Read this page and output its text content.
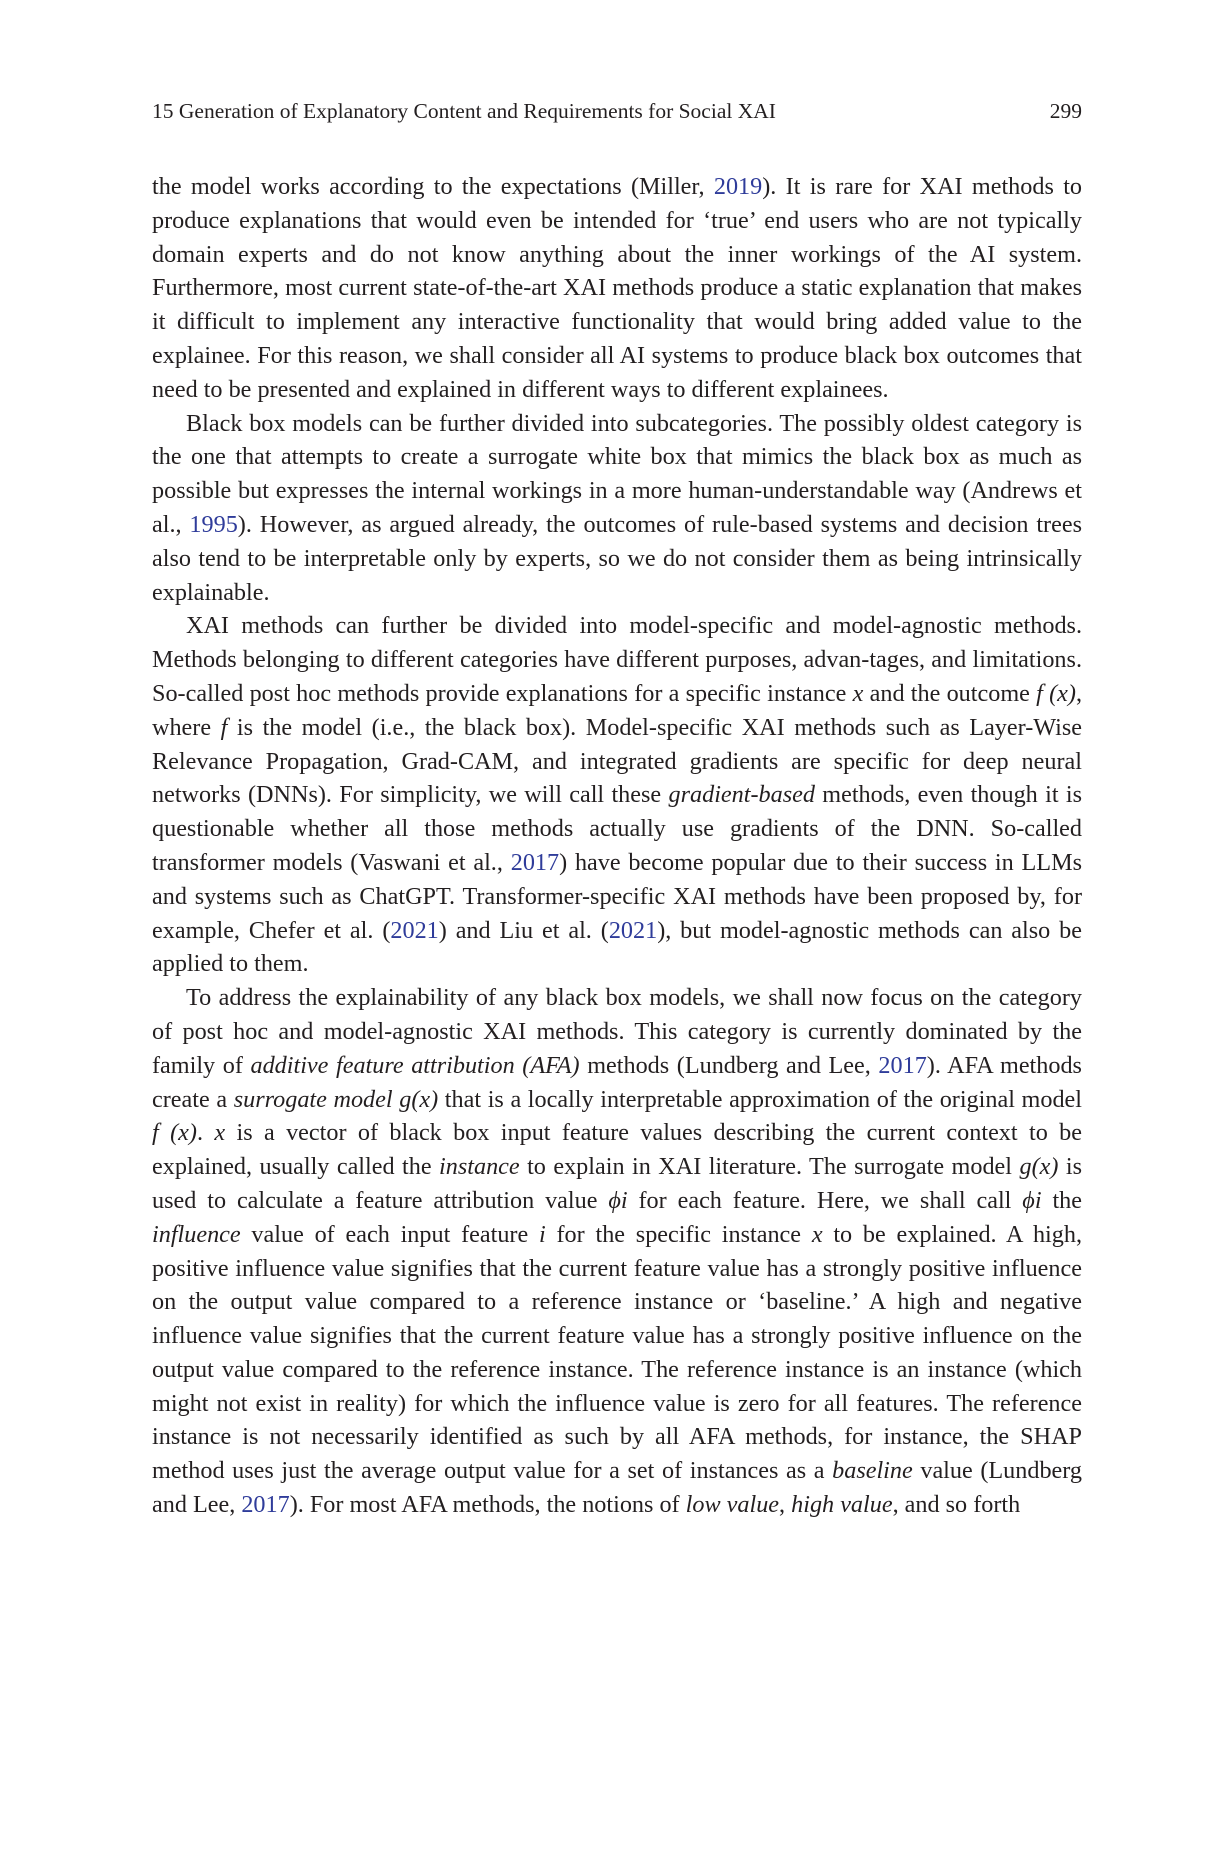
15 Generation of Explanatory Content and Requirements for Social XAI	299

the model works according to the expectations (Miller, 2019). It is rare for XAI methods to produce explanations that would even be intended for ‘true’ end users who are not typically domain experts and do not know anything about the inner workings of the AI system. Furthermore, most current state-of-the-art XAI methods produce a static explanation that makes it difficult to implement any interactive functionality that would bring added value to the explainee. For this reason, we shall consider all AI systems to produce black box outcomes that need to be presented and explained in different ways to different explainees.

Black box models can be further divided into subcategories. The possibly oldest category is the one that attempts to create a surrogate white box that mimics the black box as much as possible but expresses the internal workings in a more human-understandable way (Andrews et al., 1995). However, as argued already, the outcomes of rule-based systems and decision trees also tend to be interpretable only by experts, so we do not consider them as being intrinsically explainable.

XAI methods can further be divided into model-specific and model-agnostic methods. Methods belonging to different categories have different purposes, advan-tages, and limitations. So-called post hoc methods provide explanations for a specific instance x and the outcome f (x), where f is the model (i.e., the black box). Model-specific XAI methods such as Layer-Wise Relevance Propagation, Grad-CAM, and integrated gradients are specific for deep neural networks (DNNs). For simplicity, we will call these gradient-based methods, even though it is questionable whether all those methods actually use gradients of the DNN. So-called transformer models (Vaswani et al., 2017) have become popular due to their success in LLMs and systems such as ChatGPT. Transformer-specific XAI methods have been proposed by, for example, Chefer et al. (2021) and Liu et al. (2021), but model-agnostic methods can also be applied to them.

To address the explainability of any black box models, we shall now focus on the category of post hoc and model-agnostic XAI methods. This category is currently dominated by the family of additive feature attribution (AFA) methods (Lundberg and Lee, 2017). AFA methods create a surrogate model g(x) that is a locally interpretable approximation of the original model f (x). x is a vector of black box input feature values describing the current context to be explained, usually called the instance to explain in XAI literature. The surrogate model g(x) is used to calculate a feature attribution value ϕi for each feature. Here, we shall call ϕi the influence value of each input feature i for the specific instance x to be explained. A high, positive influence value signifies that the current feature value has a strongly positive influence on the output value compared to a reference instance or ‘baseline.’ A high and negative influence value signifies that the current feature value has a strongly positive influence on the output value compared to the reference instance. The reference instance is an instance (which might not exist in reality) for which the influence value is zero for all features. The reference instance is not necessarily identified as such by all AFA methods, for instance, the SHAP method uses just the average output value for a set of instances as a baseline value (Lundberg and Lee, 2017). For most AFA methods, the notions of low value, high value, and so forth
